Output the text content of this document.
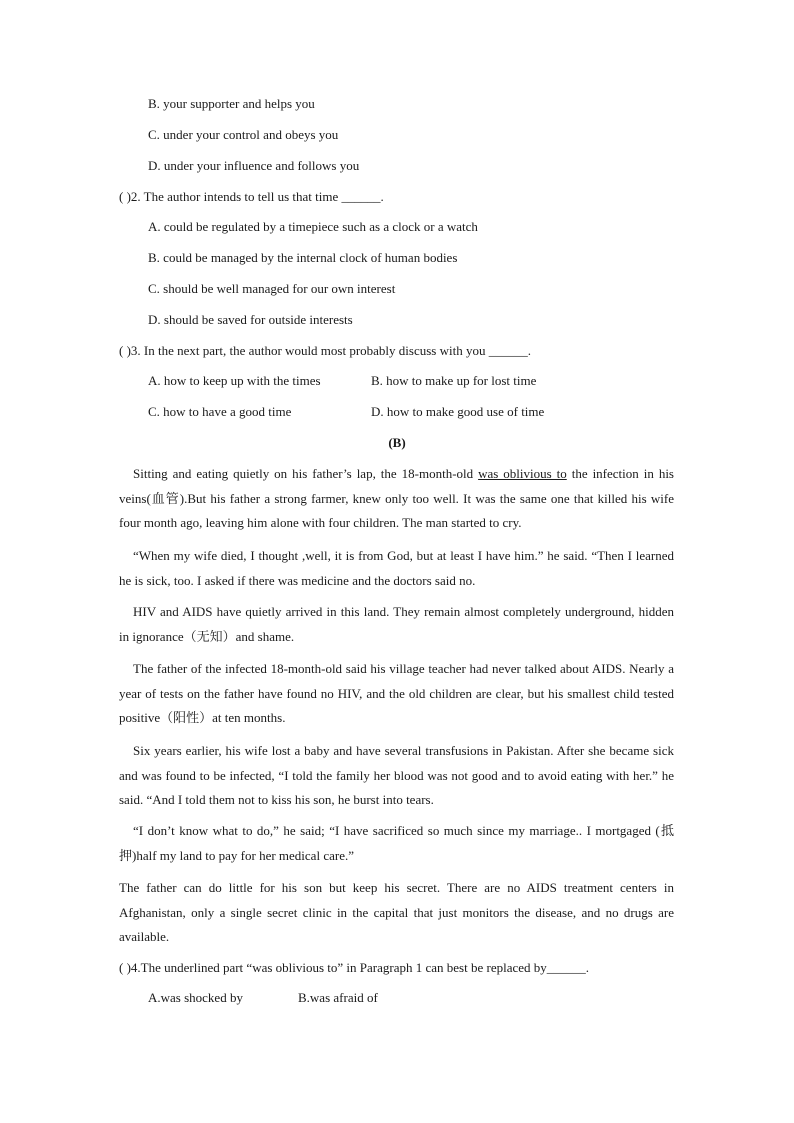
B. your supporter and helps you
C. under your control and obeys you
D. under your influence and follows you
( )2. The author intends to tell us that time ______.
A. could be regulated by a timepiece such as a clock or a watch
B. could be managed by the internal clock of human bodies
C. should be well managed for our own interest
D. should be saved for outside interests
( )3. In the next part, the author would most probably discuss with you ______.
A. how to keep up with the times	B. how to make up for lost time
C. how to have a good time	D. how to make good use of time
(B)
Sitting and eating quietly on his father’s lap, the 18-month-old was oblivious to the infection in his veins(血管).But his father a strong farmer, knew only too well. It was the same one that killed his wife four month ago, leaving him alone with four children. The man started to cry.
“When my wife died, I thought ,well, it is from God, but at least I have him.” he said. “Then I learned he is sick, too. I asked if there was medicine and the doctors said no.
HIV and AIDS have quietly arrived in this land. They remain almost completely underground, hidden in ignorance（无知）and shame.
The father of the infected 18-month-old said his village teacher had never talked about AIDS. Nearly a year of tests on the father have found no HIV, and the old children are clear, but his smallest child tested positive（阳性）at ten months.
Six years earlier, his wife lost a baby and have several transfusions in Pakistan. After she became sick and was found to be infected, “I told the family her blood was not good and to avoid eating with her.” he said. “And I told them not to kiss his son, he burst into tears.
“I don’t know what to do,” he said; “I have sacrificed so much since my marriage.. I mortgaged (抵押)half my land to pay for her medical care.”
The father can do little for his son but keep his secret. There are no AIDS treatment centers in Afghanistan, only a single secret clinic in the capital that just monitors the disease, and no drugs are available.
( )4.The underlined part “was oblivious to” in Paragraph 1 can best be replaced by______.
A.was shocked by	B.was afraid of
